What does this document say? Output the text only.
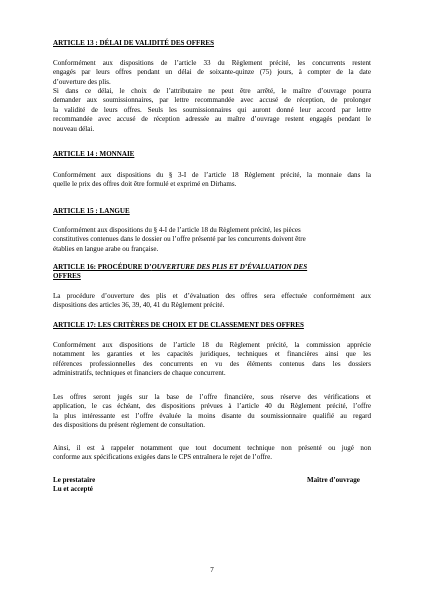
ARTICLE 13 : DÉLAI DE VALIDITÉ DES OFFRES
Conformément aux dispositions de l’article 33 du Règlement précité, les concurrents restent
engagés par leurs offres pendant un délai de soixante-quinze (75) jours, à compter de la date
d’ouverture des plis.
Si dans ce délai, le choix de l’attributaire ne peut être arrêté, le maître d’ouvrage pourra
demander aux soumissionnaires, par lettre recommandée avec accusé de réception, de prolonger
la validité de leurs offres. Seuls les soumissionnaires qui auront donné leur accord par lettre
recommandée avec accusé de réception adressée au maître d’ouvrage restent engagés pendant le
nouveau délai.
ARTICLE 14 : MONNAIE
Conformément aux dispositions du § 3-I de l’article 18 Règlement précité, la monnaie dans la
quelle le prix des offres doit être formulé et exprimé en Dirhams.
ARTICLE 15 : LANGUE
Conformément aux dispositions du § 4-I de l’article 18 du Règlement précité, les pièces
constitutives contenues dans le dossier ou l’offre présenté par les concurrents doivent être
établies en langue arabe ou française.
ARTICLE 16: PROCÉDURE D’OUVERTURE DES PLIS ET D’ÉVALUATION DES
OFFRES
La procédure d’ouverture des plis et d’évaluation des offres sera effectuée conformément aux
dispositions des articles 36, 39, 40, 41 du Règlement précité.
ARTICLE 17: LES CRITÈRES DE CHOIX ET DE CLASSEMENT DES OFFRES
Conformément aux dispositions de l’article 18 du Règlement précité, la commission apprécie
notamment les garanties et les capacités juridiques, techniques et financières ainsi que les
références professionnelles des concurrents en vu des éléments contenus dans les dossiers
administratifs, techniques et financiers de chaque concurrent.
Les offres seront jugés sur la base de l’offre financière, sous réserve des vérifications et
application, le cas échéant, des dispositions prévues à l’article 40 du Règlement précité, l’offre
la plus intéressante est l’offre évaluée la moins disante du soumissionnaire qualifié au regard
des dispositions du présent règlement de consultation.
Ainsi, il est à rappeler notamment que tout document technique non présenté ou jugé non
conforme aux spécifications exigées dans le CPS entraînera le rejet de l’offre.
Le prestataire
Lu et accepté
Maître d’ouvrage
7
